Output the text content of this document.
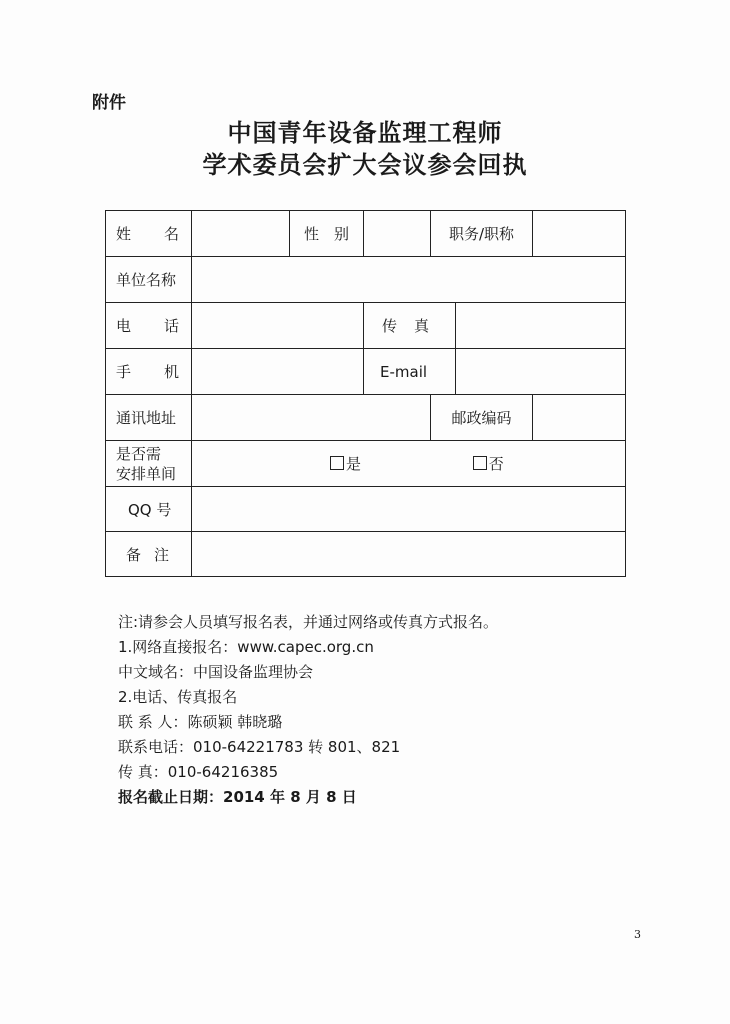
附件
中国青年设备监理工程师
学术委员会扩大会议参会回执
姓 名		性 别		职务/职称		
单位名称						

电 话			传 真			

手 机			E-mail			
通讯地址				邮政编码		

是否需
安排单间	是 否					
QQ 号						

备 注						

注:请参会人员填写报名表，并通过网络或传真方式报名。
1.网络直接报名：www.capec.org.cn
中文域名：中国设备监理协会
2.电话、传真报名
联 系 人：陈硕颖 韩晓璐
联系电话：010-64221783 转 801、821
传 真：010-64216385
报名截止日期：2014 年 8 月 8 日
3
